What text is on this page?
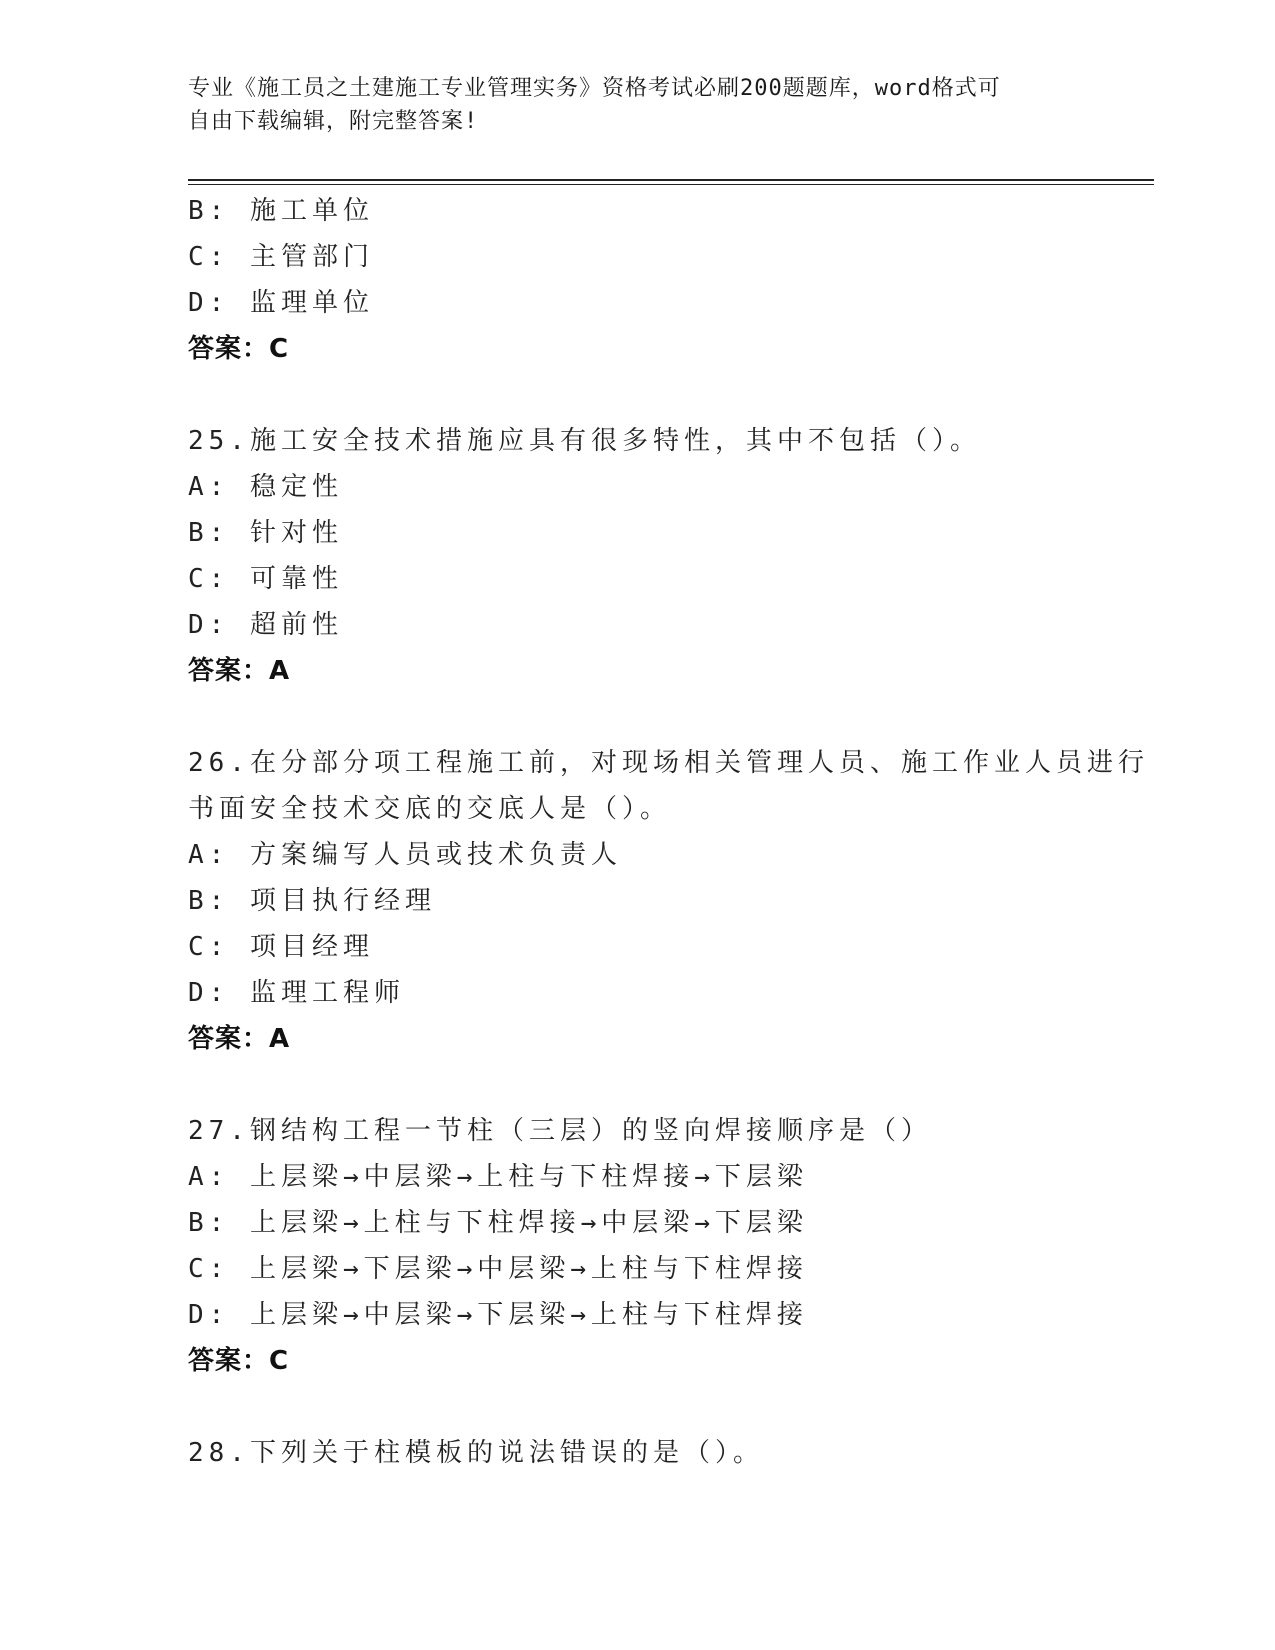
专业《施工员之土建施工专业管理实务》资格考试必刷200题题库，word格式可
自由下载编辑，附完整答案!
B: 施工单位
C: 主管部门
D: 监理单位
答案：C
25.施工安全技术措施应具有很多特性，其中不包括（）。
A: 稳定性
B: 针对性
C: 可靠性
D: 超前性
答案：A
26.在分部分项工程施工前，对现场相关管理人员、施工作业人员进行
书面安全技术交底的交底人是（）。
A: 方案编写人员或技术负责人
B: 项目执行经理
C: 项目经理
D: 监理工程师
答案：A
27.钢结构工程一节柱（三层）的竖向焊接顺序是（）
A: 上层梁→中层梁→上柱与下柱焊接→下层梁
B: 上层梁→上柱与下柱焊接→中层梁→下层梁
C: 上层梁→下层梁→中层梁→上柱与下柱焊接
D: 上层梁→中层梁→下层梁→上柱与下柱焊接
答案：C
28.下列关于柱模板的说法错误的是（）。
